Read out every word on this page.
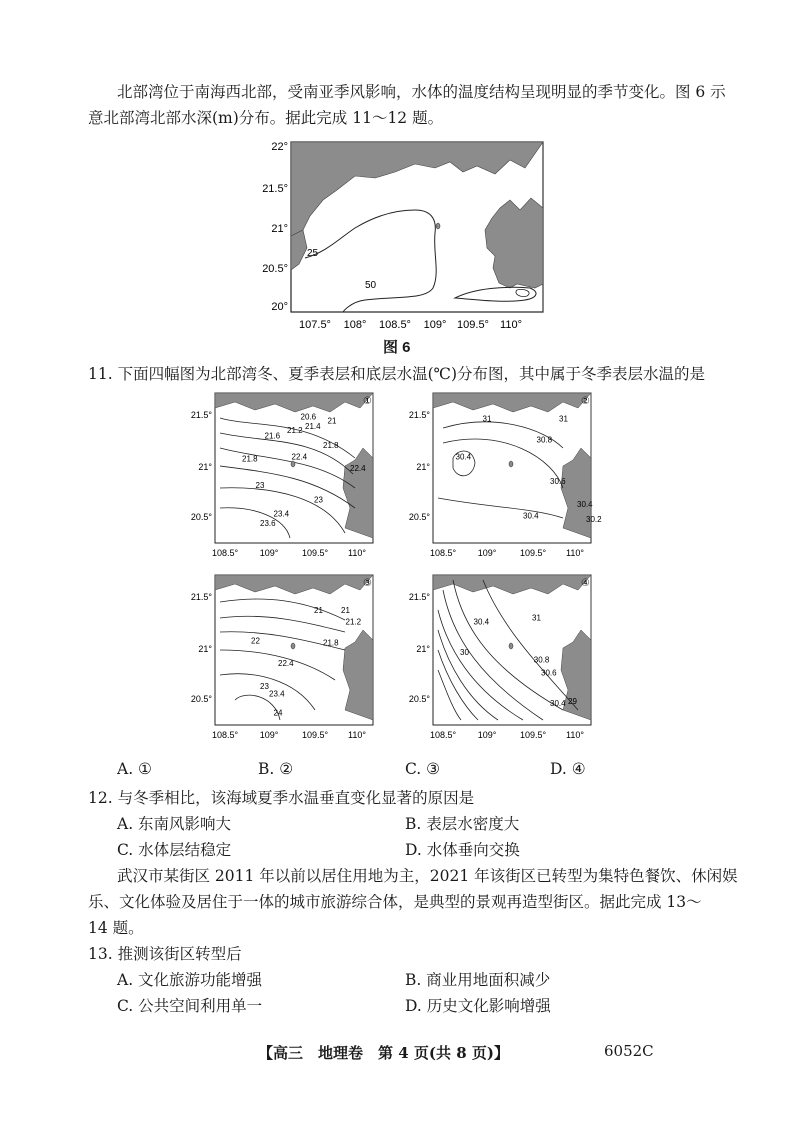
北部湾位于南海西北部，受南亚季风影响，水体的温度结构呈现明显的季节变化。图 6 示
意北部湾北部水深(m)分布。据此完成 11～12 题。
25
50
22°
21.5°
21°
20.5°
20°
107.5° 108° 108.5° 109° 109.5° 110°
图 6
11. 下面四幅图为北部湾冬、夏季表层和底层水温(℃)分布图，其中属于冬季表层水温的是
①
20.6 21
21.2 21.4
21.6
21.8
21.8	22.4
22.4
23
23
23.4
23.6
21.5°
21°
20.5°
108.5° 109°	109.5° 110°
②
31	31
30.8
30.6
30.4
30.4
30.4
30.2
21.5°
21°
20.5°
108.5° 109°	109.5° 110°
③
21 21
21.2
21.8
22
22.4
23
23.4
24
21.5°
21°
20.5°
108.5° 109°	109.5° 110°
④
30.4	31
30
30.8
30.6
30.4 29
21.5°
21°
20.5°
108.5° 109°	109.5° 110°
A. ①	B. ②	C. ③	D. ④
12. 与冬季相比，该海域夏季水温垂直变化显著的原因是
A. 东南风影响大	B. 表层水密度大
C. 水体层结稳定	D. 水体垂向交换
武汉市某街区 2011 年以前以居住用地为主，2021 年该街区已转型为集特色餐饮、休闲娱
乐、文化体验及居住于一体的城市旅游综合体，是典型的景观再造型街区。据此完成 13～
14 题。
13. 推测该街区转型后
A. 文化旅游功能增强	B. 商业用地面积减少
C. 公共空间利用单一	D. 历史文化影响增强
【高三　地理卷　第 4 页(共 8 页)】	6052C
